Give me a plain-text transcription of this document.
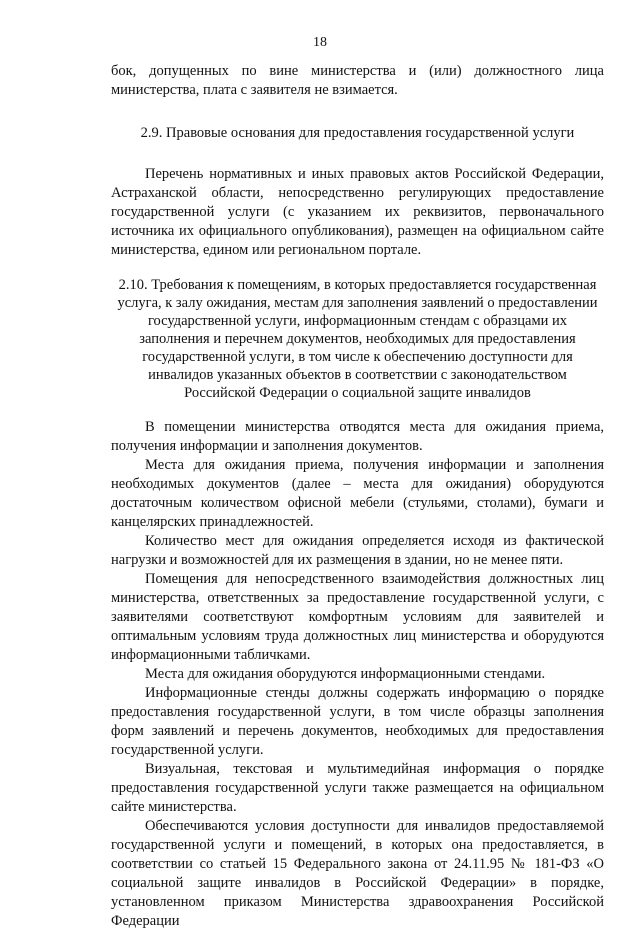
18

бок, допущенных по вине министерства и (или) должностного лица министерства, плата с заявителя не взимается.

2.9. Правовые основания для предоставления государственной услуги

Перечень нормативных и иных правовых актов Российской Федерации, Астраханской области, непосредственно регулирующих предоставление государственной услуги (с указанием их реквизитов, первоначального источника их официального опубликования), размещен на официальном сайте министерства, едином или региональном портале.

2.10. Требования к помещениям, в которых предоставляется государственная услуга, к залу ожидания, местам для заполнения заявлений о предоставлении государственной услуги, информационным стендам с образцами их заполнения и перечнем документов, необходимых для предоставления государственной услуги, в том числе к обеспечению доступности для инвалидов указанных объектов в соответствии с законодательством Российской Федерации о социальной защите инвалидов

В помещении министерства отводятся места для ожидания приема, получения информации и заполнения документов.

Места для ожидания приема, получения информации и заполнения необходимых документов (далее – места для ожидания) оборудуются достаточным количеством офисной мебели (стульями, столами), бумаги и канцелярских принадлежностей.

Количество мест для ожидания определяется исходя из фактической нагрузки и возможностей для их размещения в здании, но не менее пяти.

Помещения для непосредственного взаимодействия должностных лиц министерства, ответственных за предоставление государственной услуги, с заявителями соответствуют комфортным условиям для заявителей и оптимальным условиям труда должностных лиц министерства и оборудуются информационными табличками.

Места для ожидания оборудуются информационными стендами.

Информационные стенды должны содержать информацию о порядке предоставления государственной услуги, в том числе образцы заполнения форм заявлений и перечень документов, необходимых для предоставления государственной услуги.

Визуальная, текстовая и мультимедийная информация о порядке предоставления государственной услуги также размещается на официальном сайте министерства.

Обеспечиваются условия доступности для инвалидов предоставляемой государственной услуги и помещений, в которых она предоставляется, в соответствии со статьей 15 Федерального закона от 24.11.95 № 181-ФЗ «О социальной защите инвалидов в Российской Федерации» в порядке, установленном приказом Министерства здравоохранения Российской Федерации
